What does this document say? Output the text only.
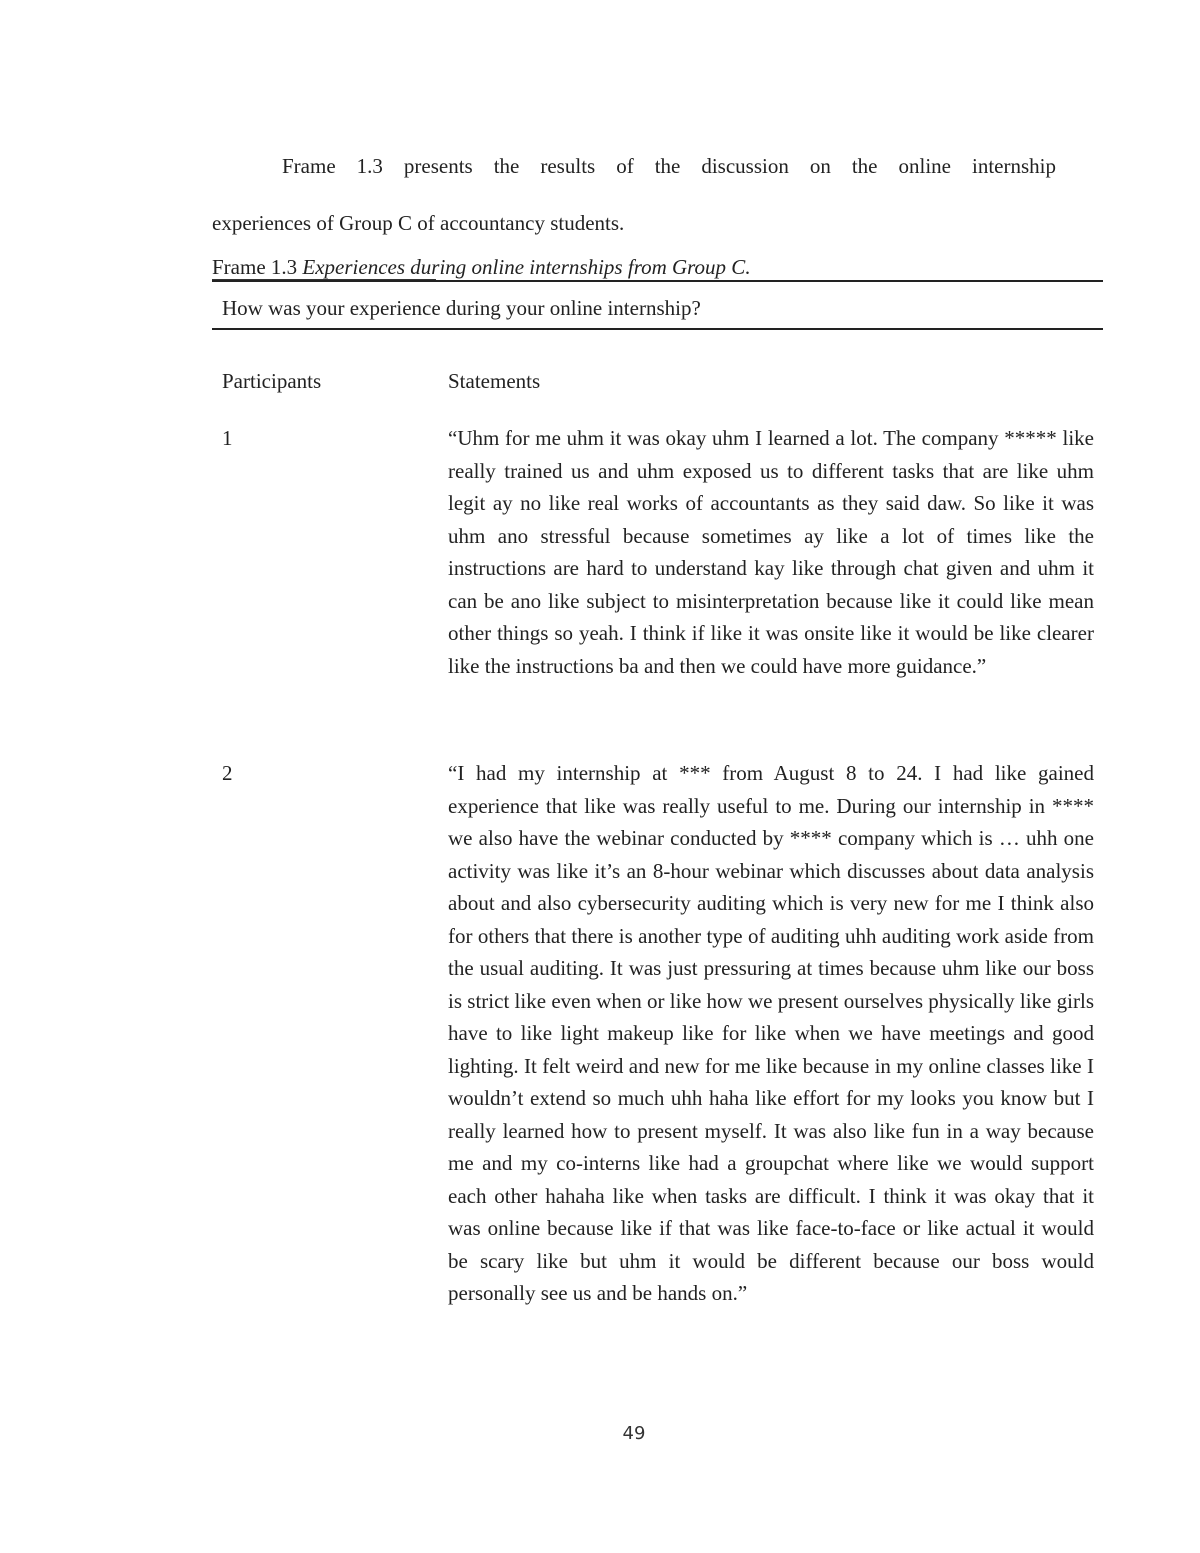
Frame 1.3 presents the results of the discussion on the online internship
experiences of Group C of accountancy students.

Frame 1.3 Experiences during online internships from Group C.

How was your experience during your online internship?

Participants	Statements

1	“Uhm for me uhm it was okay uhm I learned a lot. The company ***** like really trained us and uhm exposed us to different tasks that are like uhm legit ay no like real works of accountants as they said daw. So like it was uhm ano stressful because sometimes ay like a lot of times like the instructions are hard to understand kay like through chat given and uhm it can be ano like subject to misinterpretation because like it could like mean other things so yeah. I think if like it was onsite like it would be like clearer like the instructions ba and then we could have more guidance.”

2	“I had my internship at *** from August 8 to 24. I had like gained experience that like was really useful to me. During our internship in **** we also have the webinar conducted by **** company which is … uhh one activity was like it’s an 8-hour webinar which discusses about data analysis about and also cybersecurity auditing which is very new for me I think also for others that there is another type of auditing uhh auditing work aside from the usual auditing. It was just pressuring at times because uhm like our boss is strict like even when or like how we present ourselves physically like girls have to like light makeup like for like when we have meetings and good lighting. It felt weird and new for me like because in my online classes like I wouldn’t extend so much uhh haha like effort for my looks you know but I really learned how to present myself. It was also like fun in a way because me and my co-interns like had a groupchat where like we would support each other hahaha like when tasks are difficult. I think it was okay that it was online because like if that was like face-to-face or like actual it would be scary like but uhm it would be different because our boss would personally see us and be hands on.”

49
